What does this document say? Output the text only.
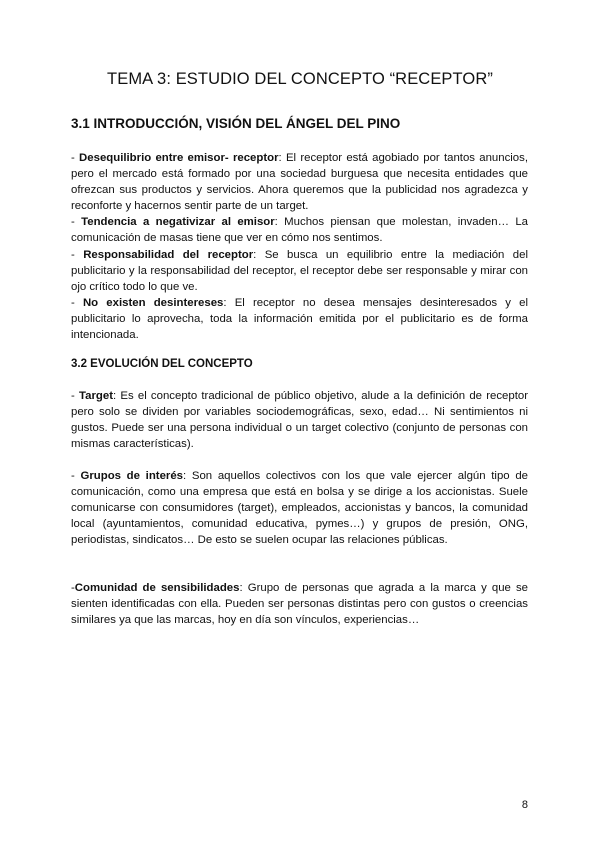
TEMA 3: ESTUDIO DEL CONCEPTO “RECEPTOR”
3.1 INTRODUCCIÓN, VISIÓN DEL ÁNGEL DEL PINO

- Desequilibrio entre emisor- receptor: El receptor está agobiado por tantos anuncios, pero el mercado está formado por una sociedad burguesa que necesita entidades que ofrezcan sus productos y servicios. Ahora queremos que la publicidad nos agradezca y reconforte y hacernos sentir parte de un target.

- Tendencia a negativizar al emisor: Muchos piensan que molestan, invaden… La comunicación de masas tiene que ver en cómo nos sentimos.

- Responsabilidad del receptor: Se busca un equilibrio entre la mediación del publicitario y la responsabilidad del receptor, el receptor debe ser responsable y mirar con ojo crítico todo lo que ve.

- No existen desintereses: El receptor no desea mensajes desinteresados y el publicitario lo aprovecha, toda la información emitida por el publicitario es de forma intencionada.

3.2 EVOLUCIÓN DEL CONCEPTO

- Target: Es el concepto tradicional de público objetivo, alude a la definición de receptor pero solo se dividen por variables sociodemográficas, sexo, edad… Ni sentimientos ni gustos. Puede ser una persona individual o un target colectivo (conjunto de personas con mismas características).

- Grupos de interés: Son aquellos colectivos con los que vale ejercer algún tipo de comunicación, como una empresa que está en bolsa y se dirige a los accionistas. Suele comunicarse con consumidores (target), empleados, accionistas y bancos, la comunidad local (ayuntamientos, comunidad educativa, pymes…) y grupos de presión, ONG, periodistas, sindicatos… De esto se suelen ocupar las relaciones públicas.

-Comunidad de sensibilidades: Grupo de personas que agrada a la marca y que se sienten identificadas con ella. Pueden ser personas distintas pero con gustos o creencias similares ya que las marcas, hoy en día son vínculos, experiencias…

8
